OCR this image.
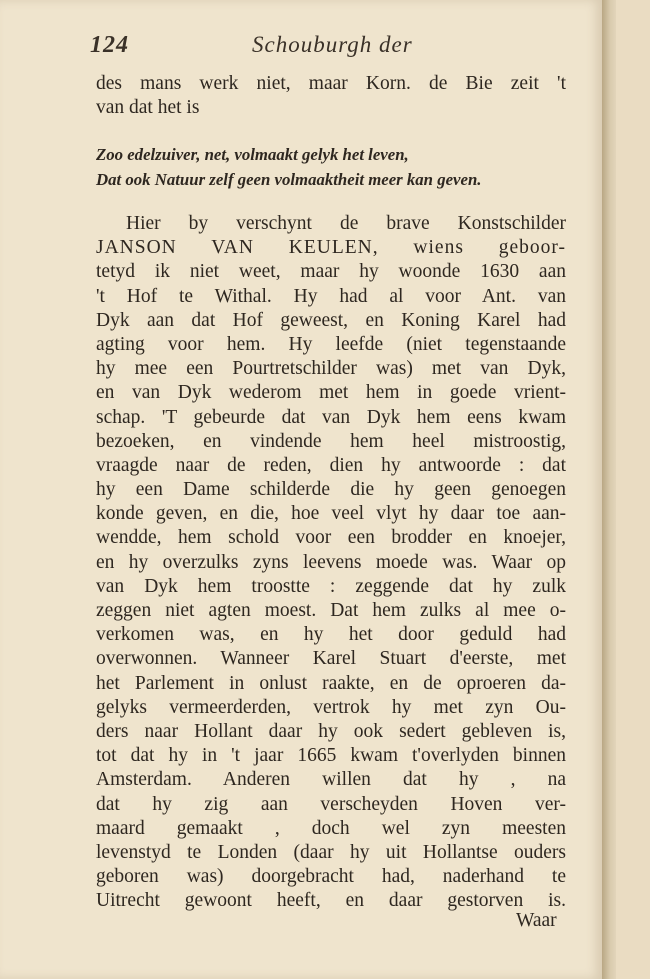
124	Schouburgh der
des mans werk niet, maar Korn. de Bie zeit 't
van dat het is
Zoo edelzuiver, net, volmaakt gelyk het leven,
Dat ook Natuur zelf geen volmaaktheit meer kan geven.
Hier by verschynt de brave Konstschilder
JANSON VAN KEULEN, wiens geboor-
tetyd ik niet weet, maar hy woonde 1630 aan
't Hof te Withal. Hy had al voor Ant. van
Dyk aan dat Hof geweest, en Koning Karel had
agting voor hem. Hy leefde (niet tegenstaande
hy mee een Pourtretschilder was) met van Dyk,
en van Dyk wederom met hem in goede vrient-
schap. 'T gebeurde dat van Dyk hem eens kwam
bezoeken, en vindende hem heel mistroostig,
vraagde naar de reden, dien hy antwoorde : dat
hy een Dame schilderde die hy geen genoegen
konde geven, en die, hoe veel vlyt hy daar toe aan-
wendde, hem schold voor een brodder en knoejer,
en hy overzulks zyns leevens moede was. Waar op
van Dyk hem troostte : zeggende dat hy zulk
zeggen niet agten moest. Dat hem zulks al mee o-
verkomen was, en hy het door geduld had
overwonnen. Wanneer Karel Stuart d'eerste, met
het Parlement in onlust raakte, en de oproeren da-
gelyks vermeerderden, vertrok hy met zyn Ou-
ders naar Hollant daar hy ook sedert gebleven is,
tot dat hy in 't jaar 1665 kwam t'overlyden binnen
Amsterdam. Anderen willen dat hy , na
dat hy zig aan verscheyden Hoven ver-
maard gemaakt , doch wel zyn meesten
levenstyd te Londen (daar hy uit Hollantse ouders
geboren was) doorgebracht had, naderhand te
Uitrecht gewoont heeft, en daar gestorven is.
Waar
